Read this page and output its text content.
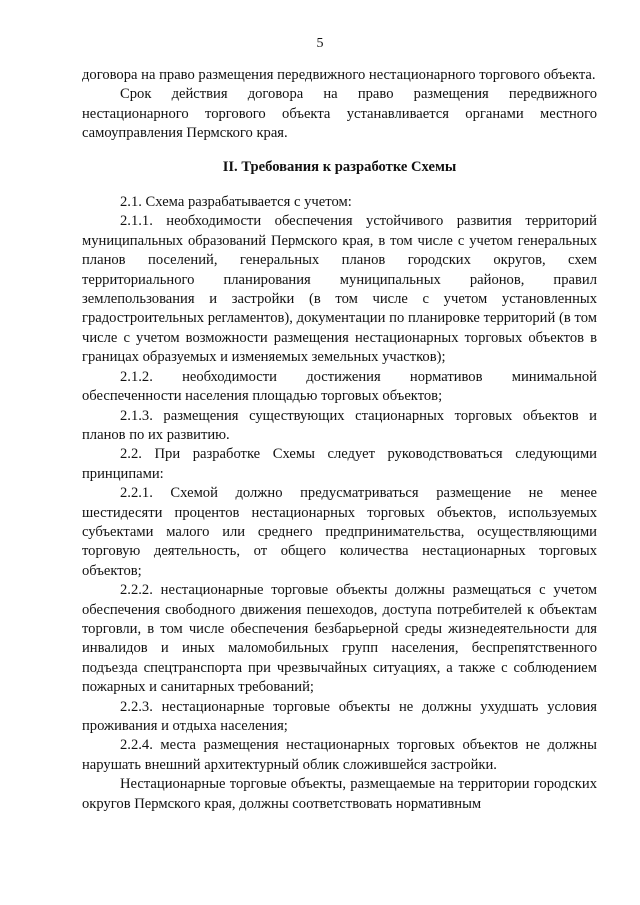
5

договора на право размещения передвижного нестационарного торгового объекта.

Срок действия договора на право размещения передвижного нестационарного торгового объекта устанавливается органами местного самоуправления Пермского края.

II. Требования к разработке Схемы

2.1. Схема разрабатывается с учетом:

2.1.1. необходимости обеспечения устойчивого развития территорий муниципальных образований Пермского края, в том числе с учетом генеральных планов поселений, генеральных планов городских округов, схем территориального планирования муниципальных районов, правил землепользования и застройки (в том числе с учетом установленных градостроительных регламентов), документации по планировке территорий (в том числе с учетом возможности размещения нестационарных торговых объектов в границах образуемых и изменяемых земельных участков);

2.1.2. необходимости достижения нормативов минимальной обеспеченности населения площадью торговых объектов;

2.1.3. размещения существующих стационарных торговых объектов и планов по их развитию.

2.2. При разработке Схемы следует руководствоваться следующими принципами:

2.2.1. Схемой должно предусматриваться размещение не менее шестидесяти процентов нестационарных торговых объектов, используемых субъектами малого или среднего предпринимательства, осуществляющими торговую деятельность, от общего количества нестационарных торговых объектов;

2.2.2. нестационарные торговые объекты должны размещаться с учетом обеспечения свободного движения пешеходов, доступа потребителей к объектам торговли, в том числе обеспечения безбарьерной среды жизнедеятельности для инвалидов и иных маломобильных групп населения, беспрепятственного подъезда спецтранспорта при чрезвычайных ситуациях, а также с соблюдением пожарных и санитарных требований;

2.2.3. нестационарные торговые объекты не должны ухудшать условия проживания и отдыха населения;

2.2.4. места размещения нестационарных торговых объектов не должны нарушать внешний архитектурный облик сложившейся застройки.

Нестационарные торговые объекты, размещаемые на территории городских округов Пермского края, должны соответствовать нормативным
